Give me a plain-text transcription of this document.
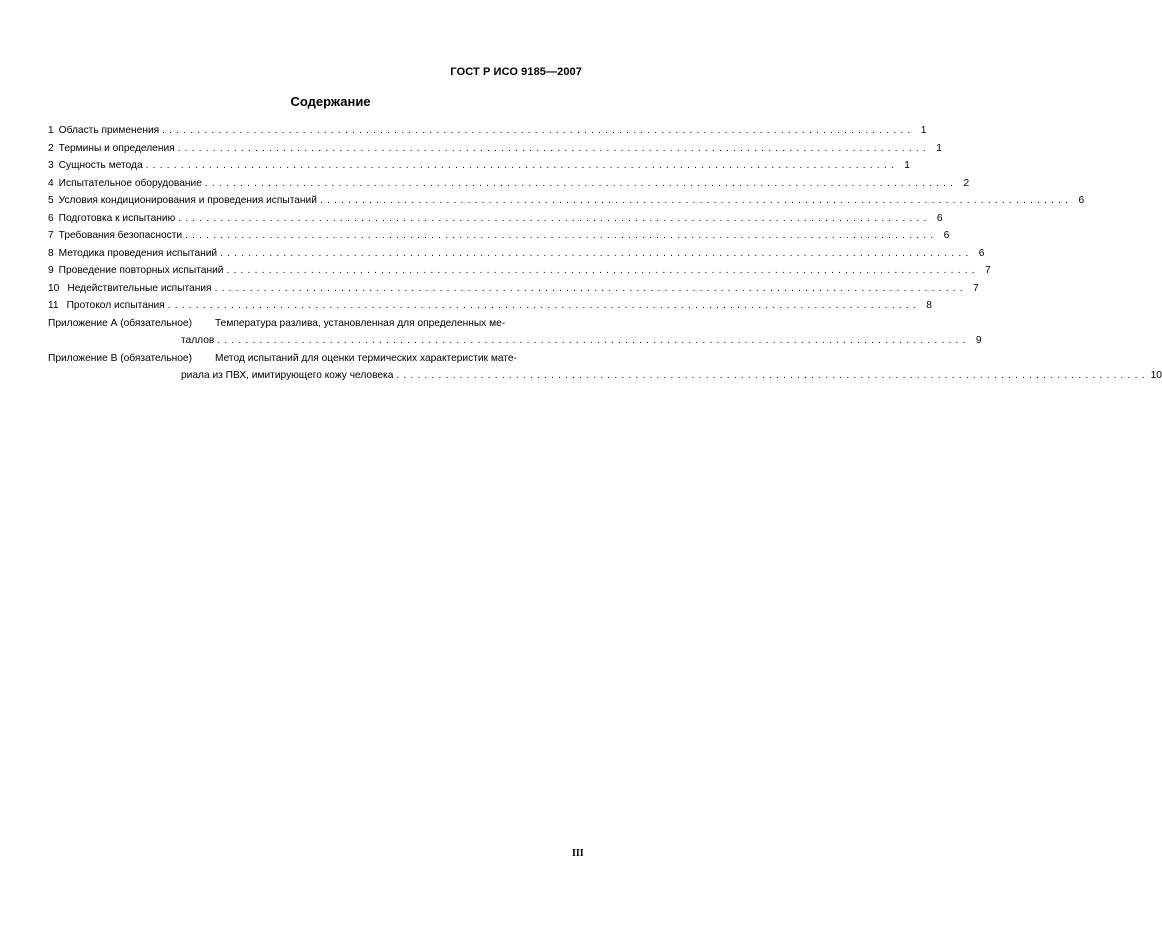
ГОСТ Р ИСО 9185—2007
Содержание
1 Область применения ........................................................................................................... 1
2 Термины и определения ........................................................................................................... 1
3 Сущность метода ........................................................................................................... 1
4 Испытательное оборудование ........................................................................................................... 2
5 Условия кондиционирования и проведения испытаний ........................................................................................................... 6
6 Подготовка к испытанию ........................................................................................................... 6
7 Требования безопасности ........................................................................................................... 6
8 Методика проведения испытаний ........................................................................................................... 6
9 Проведение повторных испытаний ........................................................................................................... 7
10 Недействительные испытания ........................................................................................................... 7
11 Протокол испытания ........................................................................................................... 8
Приложение А (обязательное)	Температура разлива, установленная для определенных ме-
таллов ........................................................................................................... 9
Приложение В (обязательное)	Метод испытаний для оценки термических характеристик мате-
риала из ПВХ, имитирующего кожу человека ........................................................................................................... 10
III
